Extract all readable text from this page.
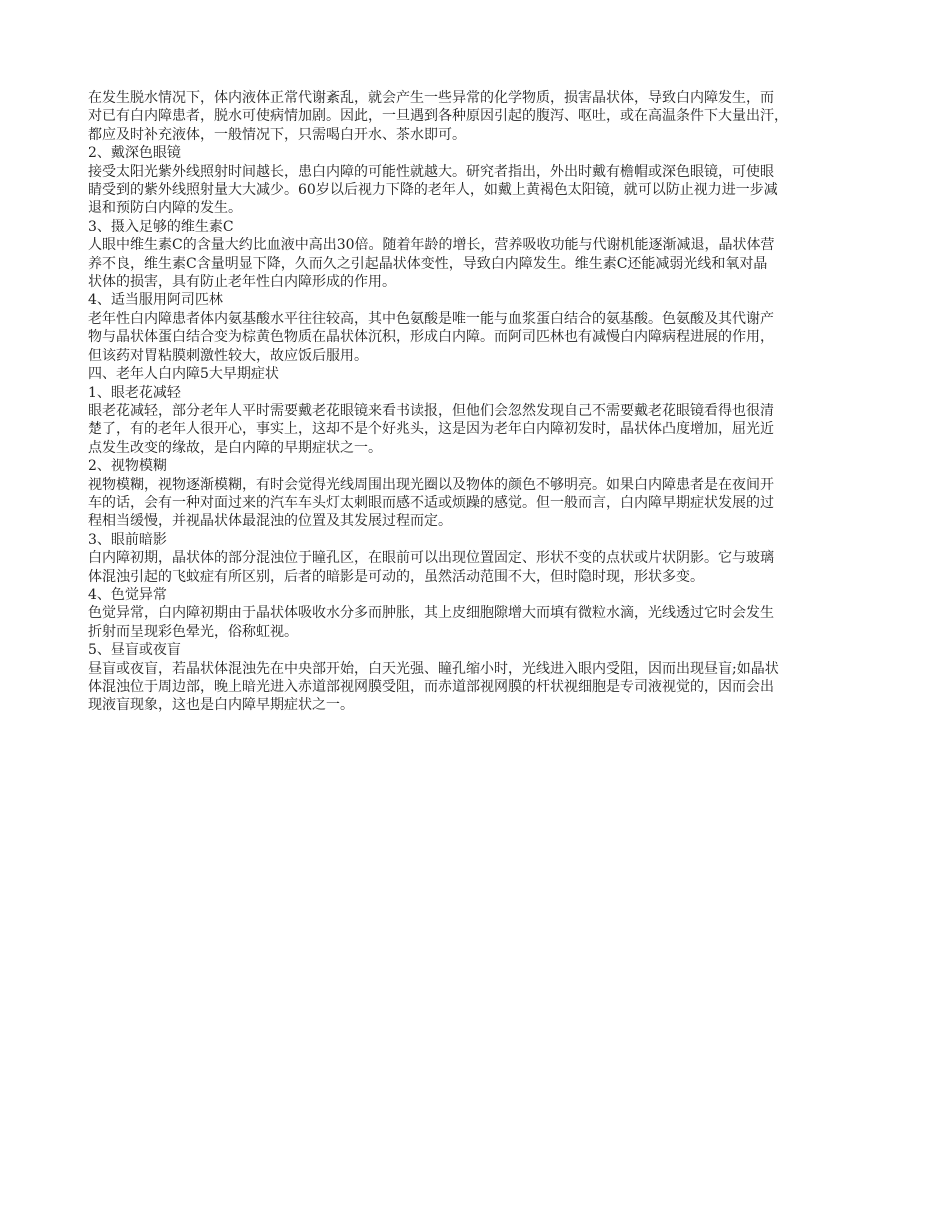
在发生脱水情况下，体内液体正常代谢紊乱，就会产生一些异常的化学物质，损害晶状体，导致白内障发生，而
对已有白内障患者，脱水可使病情加剧。因此，一旦遇到各种原因引起的腹泻、呕吐，或在高温条件下大量出汗，
都应及时补充液体，一般情况下，只需喝白开水、茶水即可。
2、戴深色眼镜
接受太阳光紫外线照射时间越长，患白内障的可能性就越大。研究者指出，外出时戴有檐帽或深色眼镜，可使眼
睛受到的紫外线照射量大大减少。60岁以后视力下降的老年人，如戴上黄褐色太阳镜，就可以防止视力进一步减
退和预防白内障的发生。
3、摄入足够的维生素C
人眼中维生素C的含量大约比血液中高出30倍。随着年龄的增长，营养吸收功能与代谢机能逐渐减退，晶状体营
养不良，维生素C含量明显下降，久而久之引起晶状体变性，导致白内障发生。维生素C还能减弱光线和氧对晶
状体的损害，具有防止老年性白内障形成的作用。
4、适当服用阿司匹林
老年性白内障患者体内氨基酸水平往往较高，其中色氨酸是唯一能与血浆蛋白结合的氨基酸。色氨酸及其代谢产
物与晶状体蛋白结合变为棕黄色物质在晶状体沉积，形成白内障。而阿司匹林也有减慢白内障病程进展的作用，
但该药对胃粘膜刺激性较大，故应饭后服用。
四、老年人白内障5大早期症状
1、眼老花减轻
眼老花减轻，部分老年人平时需要戴老花眼镜来看书读报，但他们会忽然发现自己不需要戴老花眼镜看得也很清
楚了，有的老年人很开心，事实上，这却不是个好兆头，这是因为老年白内障初发时，晶状体凸度增加，屈光近
点发生改变的缘故，是白内障的早期症状之一。
2、视物模糊
视物模糊，视物逐渐模糊，有时会觉得光线周围出现光圈以及物体的颜色不够明亮。如果白内障患者是在夜间开
车的话，会有一种对面过来的汽车车头灯太刺眼而感不适或烦躁的感觉。但一般而言，白内障早期症状发展的过
程相当缓慢，并视晶状体最混浊的位置及其发展过程而定。
3、眼前暗影
白内障初期，晶状体的部分混浊位于瞳孔区，在眼前可以出现位置固定、形状不变的点状或片状阴影。它与玻璃
体混浊引起的飞蚊症有所区别，后者的暗影是可动的，虽然活动范围不大，但时隐时现，形状多变。
4、色觉异常
色觉异常，白内障初期由于晶状体吸收水分多而肿胀，其上皮细胞隙增大而填有微粒水滴，光线透过它时会发生
折射而呈现彩色晕光，俗称虹视。
5、昼盲或夜盲
昼盲或夜盲，若晶状体混浊先在中央部开始，白天光强、瞳孔缩小时，光线进入眼内受阻，因而出现昼盲;如晶状
体混浊位于周边部，晚上暗光进入赤道部视网膜受阻，而赤道部视网膜的杆状视细胞是专司液视觉的，因而会出
现液盲现象，这也是白内障早期症状之一。
